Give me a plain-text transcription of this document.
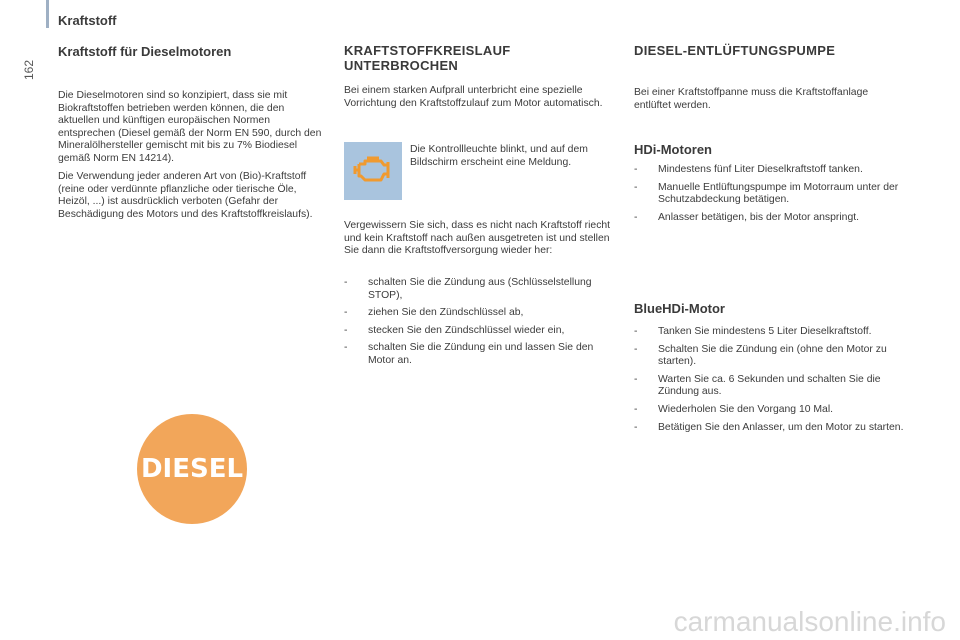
162
Kraftstoff
Kraftstoff für Dieselmotoren

Die Dieselmotoren sind so konzipiert, dass sie mit Biokraftstoffen betrieben werden können, die den aktuellen und künftigen europäischen Normen entsprechen (Diesel gemäß der Norm EN 590, durch den Mineralölhersteller gemischt mit bis zu 7% Biodiesel gemäß Norm EN 14214).

Die Verwendung jeder anderen Art von (Bio)-Kraftstoff (reine oder verdünnte pflanzliche oder tierische Öle, Heizöl, ...) ist ausdrücklich verboten (Gefahr der Beschädigung des Motors und des Kraftstoffkreislaufs).

DIESEL
KRAFTSTOFFKREISLAUF UNTERBROCHEN

Bei einem starken Aufprall unterbricht eine spezielle Vorrichtung den Kraftstoffzulauf zum Motor automatisch.

Die Kontrollleuchte blinkt, und auf dem Bildschirm erscheint eine Meldung.

Vergewissern Sie sich, dass es nicht nach Kraftstoff riecht und kein Kraftstoff nach außen ausgetreten ist und stellen Sie dann die Kraftstoffversorgung wieder her:

- schalten Sie die Zündung aus (Schlüsselstellung STOP),
- ziehen Sie den Zündschlüssel ab,
- stecken Sie den Zündschlüssel wieder ein,
- schalten Sie die Zündung ein und lassen Sie den Motor an.
DIESEL-ENTLÜFTUNGSPUMPE

Bei einer Kraftstoffpanne muss die Kraftstoffanlage entlüftet werden.

HDi-Motoren
- Mindestens fünf Liter Dieselkraftstoff tanken.
- Manuelle Entlüftungspumpe im Motorraum unter der Schutzabdeckung betätigen.
- Anlasser betätigen, bis der Motor anspringt.
BlueHDi-Motor
- Tanken Sie mindestens 5 Liter Dieselkraftstoff.
- Schalten Sie die Zündung ein (ohne den Motor zu starten).
- Warten Sie ca. 6 Sekunden und schalten Sie die Zündung aus.
- Wiederholen Sie den Vorgang 10 Mal.
- Betätigen Sie den Anlasser, um den Motor zu starten.
carmanualsonline.info
